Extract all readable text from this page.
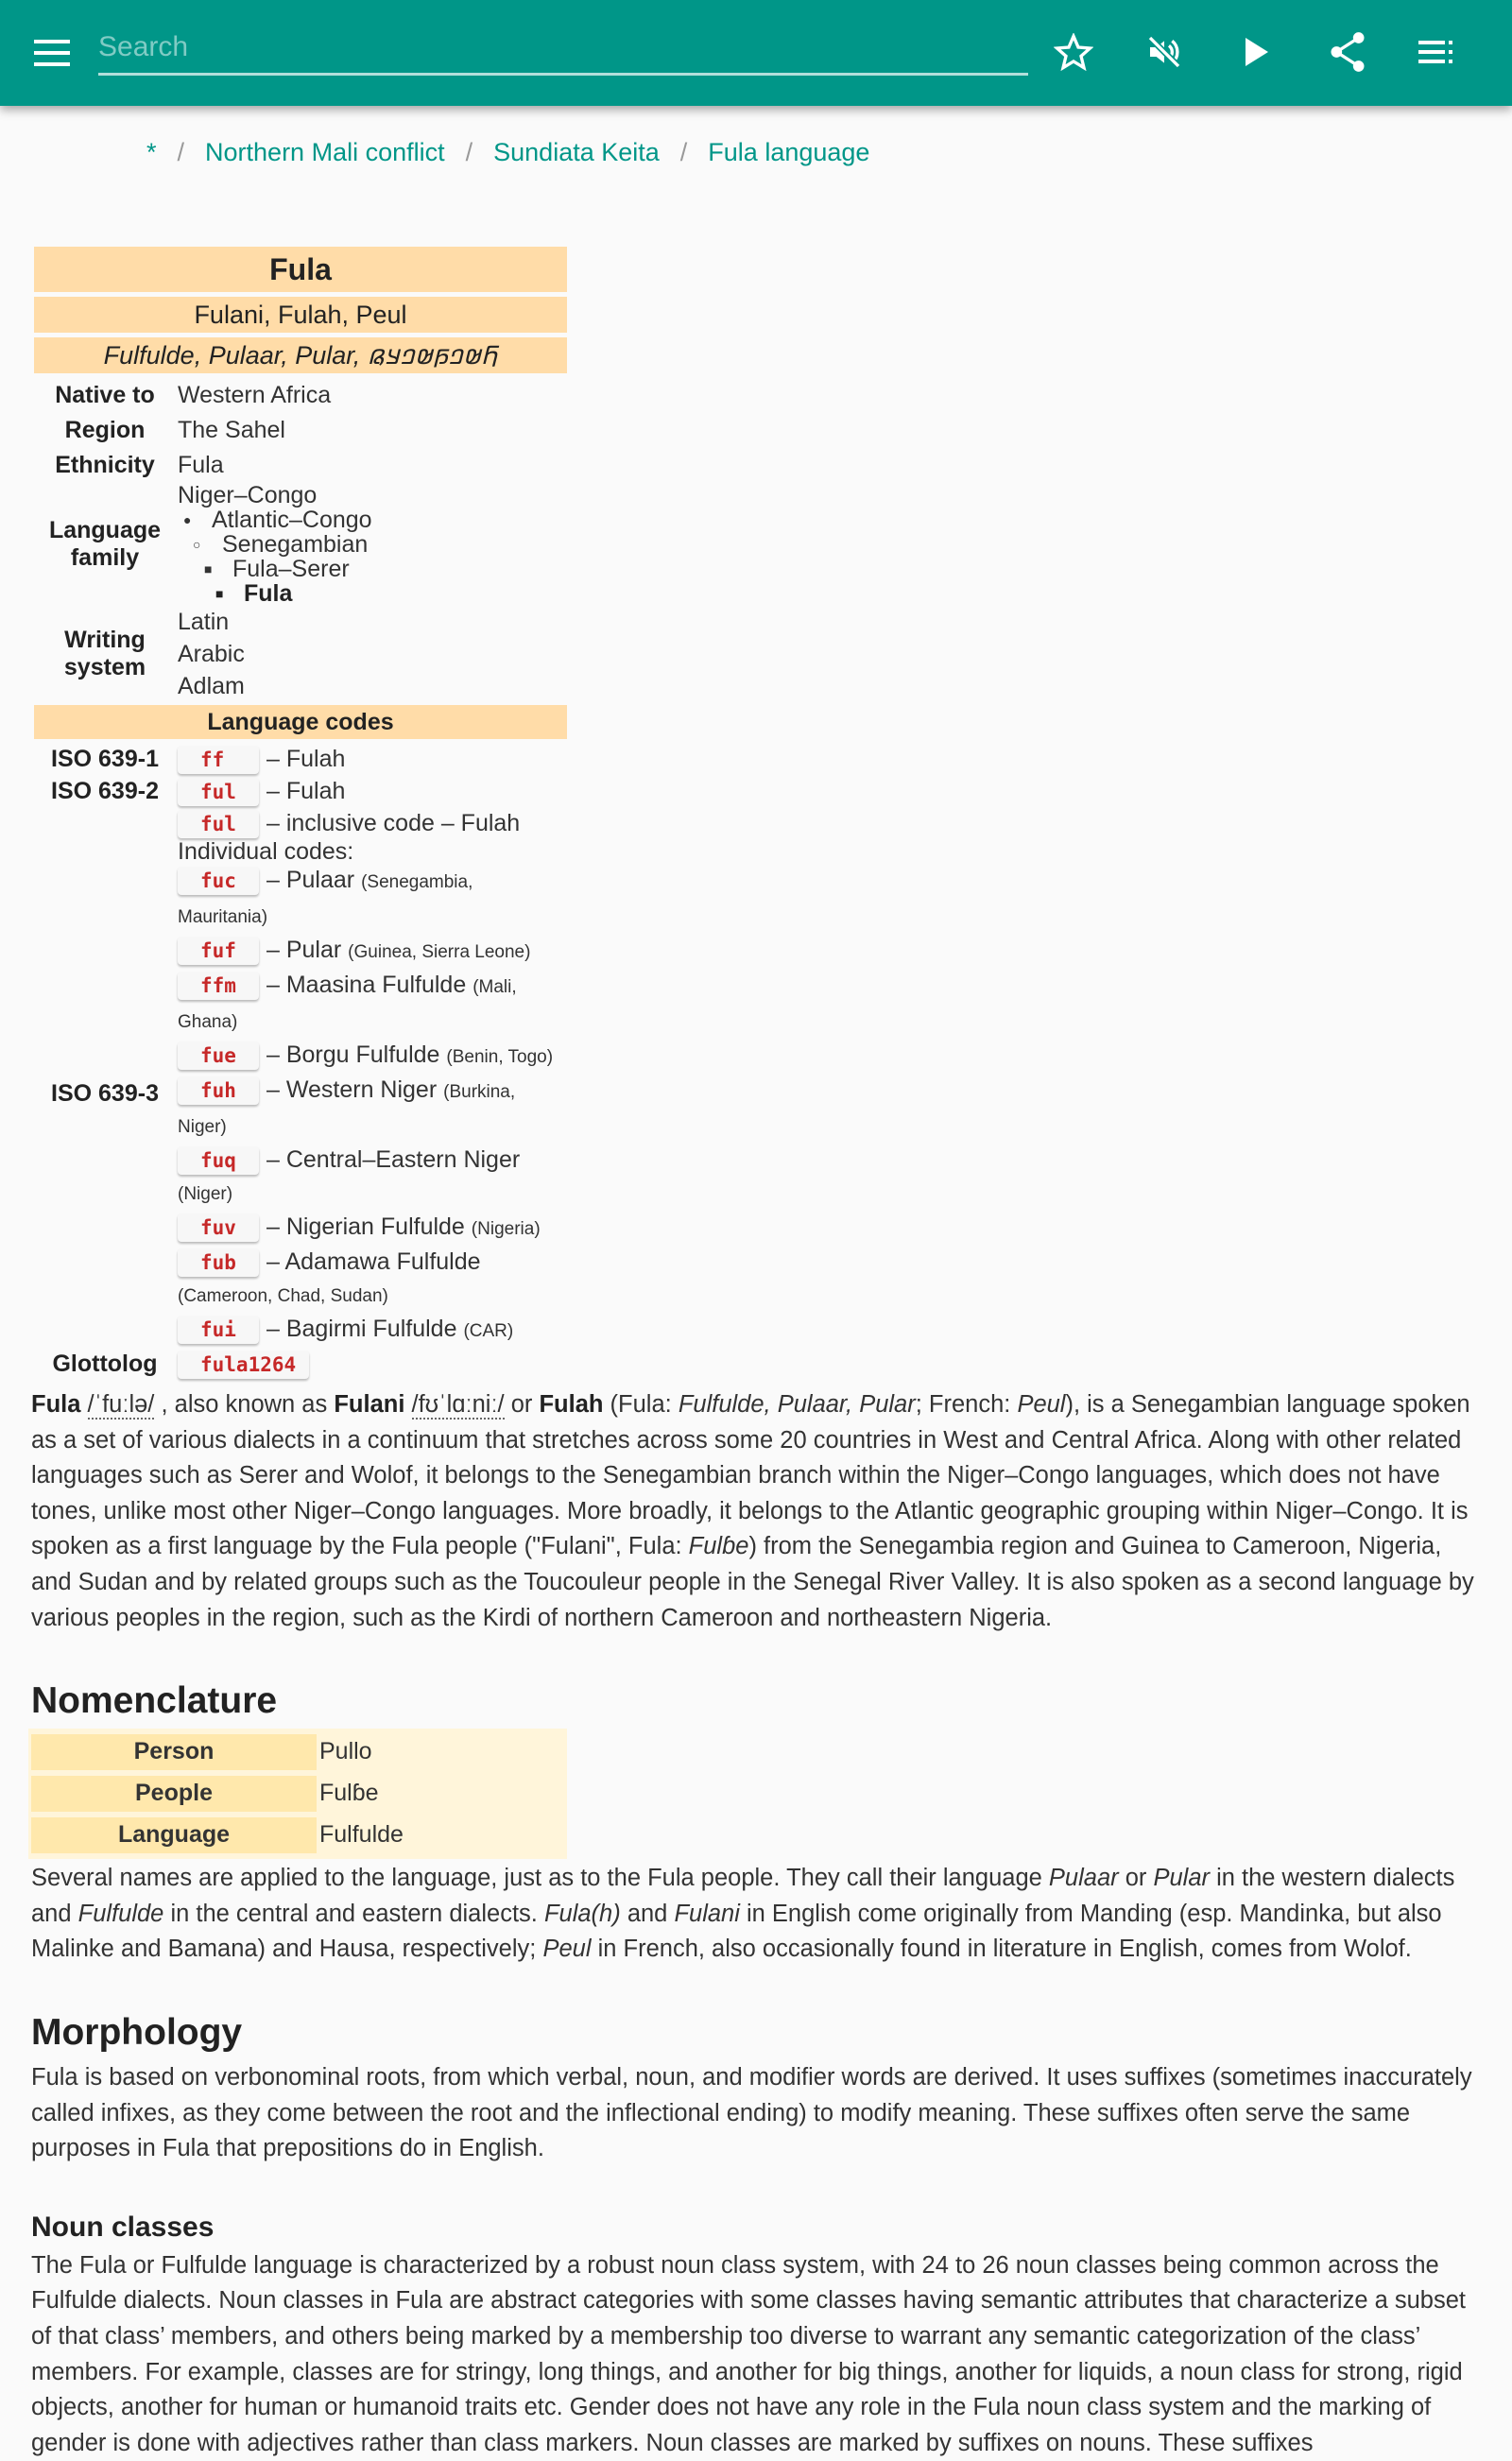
Search
* / Northern Mali conflict / Sundiata Keita / Fula language
Fula
Fulani, Fulah, Peul
Fulfulde, Pulaar, Pular, 𞤊𞤵𞤤𞤬𞤵𞤤𞤣𞤫
Native to Western Africa
Region	The Sahel
Ethnicity Fula
Language family
Niger–Congo
● Atlantic–Congo
○ Senegambian
■ Fula–Serer
■ Fula
Writing system
Latin
Arabic
Adlam
Language codes
ISO 639-1	ff – Fulah
ISO 639-2	ful – Fulah
ful – inclusive code – Fulah
ISO 639-3
Individual codes:
fuc – Pulaar (Senegambia, Mauritania)
fuf – Pular (Guinea, Sierra Leone)
ffm – Maasina Fulfulde (Mali, Ghana)
fue – Borgu Fulfulde (Benin, Togo)
fuh – Western Niger (Burkina, Niger)
fuq – Central–Eastern Niger (Niger)
fuv – Nigerian Fulfulde (Nigeria)
fub – Adamawa Fulfulde (Cameroon, Chad, Sudan)
fui – Bagirmi Fulfulde (CAR)
Glottolog	fula1264

Fula /ˈfuːlə/ , also known as Fulani /fʊˈlɑːniː/ or Fulah (Fula: Fulfulde, Pulaar, Pular; French: Peul), is a Senegambian language spoken as a set of various dialects in a continuum that stretches across some 20 countries in West and Central Africa. Along with other related languages such as Serer and Wolof, it belongs to the Senegambian branch within the Niger–Congo languages, which does not have tones, unlike most other Niger–Congo languages. More broadly, it belongs to the Atlantic geographic grouping within Niger–Congo. It is spoken as a first language by the Fula people ("Fulani", Fula: Fulɓe) from the Senegambia region and Guinea to Cameroon, Nigeria, and Sudan and by related groups such as the Toucouleur people in the Senegal River Valley. It is also spoken as a second language by various peoples in the region, such as the Kirdi of northern Cameroon and northeastern Nigeria.

Nomenclature
Person	Pullo
People	Fulɓe
Language	Fulfulde

Several names are applied to the language, just as to the Fula people. They call their language Pulaar or Pular in the western dialects and Fulfulde in the central and eastern dialects. Fula(h) and Fulani in English come originally from Manding (esp. Mandinka, but also Malinke and Bamana) and Hausa, respectively; Peul in French, also occasionally found in literature in English, comes from Wolof.

Morphology

Fula is based on verbonominal roots, from which verbal, noun, and modifier words are derived. It uses suffixes (sometimes inaccurately called infixes, as they come between the root and the inflectional ending) to modify meaning. These suffixes often serve the same purposes in Fula that prepositions do in English.

Noun classes

The Fula or Fulfulde language is characterized by a robust noun class system, with 24 to 26 noun classes being common across the Fulfulde dialects. Noun classes in Fula are abstract categories with some classes having semantic attributes that characterize a subset of that class’ members, and others being marked by a membership too diverse to warrant any semantic categorization of the class’ members. For example, classes are for stringy, long things, and another for big things, another for liquids, a noun class for strong, rigid objects, another for human or humanoid traits etc. Gender does not have any role in the Fula noun class system and the marking of gender is done with adjectives rather than class markers. Noun classes are marked by suffixes on nouns. These suffixes
